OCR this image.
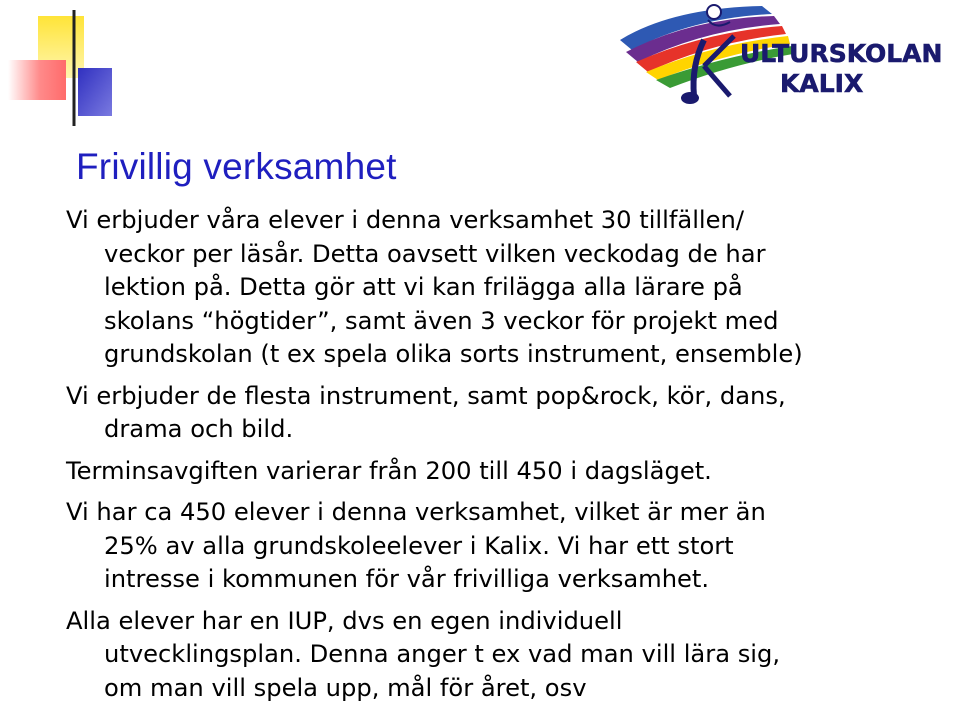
ULTURSKOLAN
KALIX
Frivillig verksamhet
Vi erbjuder våra elever i denna verksamhet 30 tillfällen/
veckor per läsår. Detta oavsett vilken veckodag de har
lektion på. Detta gör att vi kan frilägga alla lärare på
skolans “högtider”, samt även 3 veckor för projekt med
grundskolan (t ex spela olika sorts instrument, ensemble)
Vi erbjuder de flesta instrument, samt pop&rock, kör, dans,
drama och bild.
Terminsavgiften varierar från 200 till 450 i dagsläget.
Vi har ca 450 elever i denna verksamhet, vilket är mer än
25% av alla grundskoleelever i Kalix. Vi har ett stort
intresse i kommunen för vår frivilliga verksamhet.
Alla elever har en IUP, dvs en egen individuell
utvecklingsplan. Denna anger t ex vad man vill lära sig,
om man vill spela upp, mål för året, osv
